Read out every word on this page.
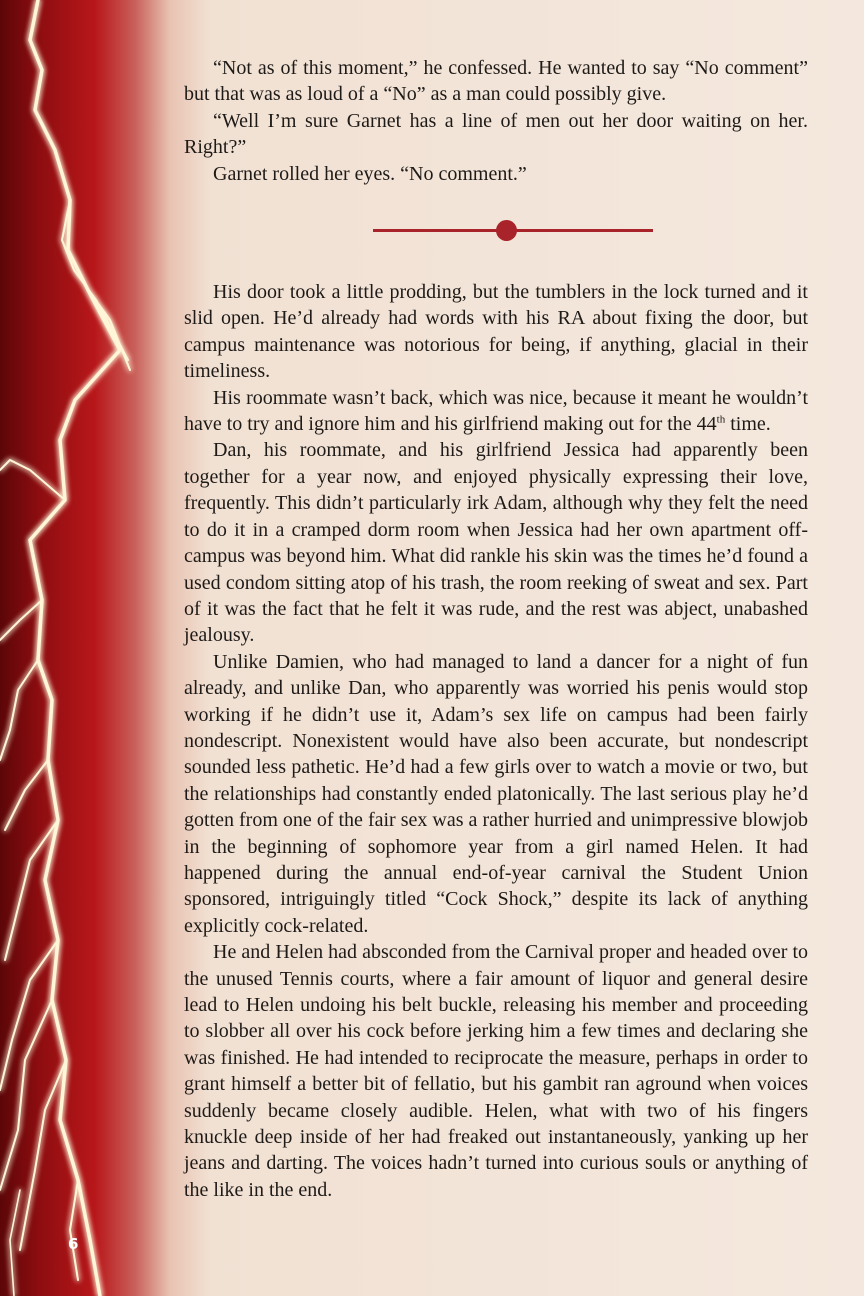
“Not as of this moment,” he confessed. He wanted to say “No comment” but that was as loud of a “No” as a man could possibly give.

“Well I’m sure Garnet has a line of men out her door waiting on her. Right?”

Garnet rolled her eyes. “No comment.”

His door took a little prodding, but the tumblers in the lock turned and it slid open. He’d already had words with his RA about fixing the door, but campus maintenance was notorious for being, if anything, glacial in their timeliness.

His roommate wasn’t back, which was nice, because it meant he wouldn’t have to try and ignore him and his girlfriend making out for the 44th time.

Dan, his roommate, and his girlfriend Jessica had apparently been together for a year now, and enjoyed physically expressing their love, frequently. This didn’t particularly irk Adam, although why they felt the need to do it in a cramped dorm room when Jessica had her own apartment off-campus was beyond him. What did rankle his skin was the times he’d found a used condom sitting atop of his trash, the room reeking of sweat and sex. Part of it was the fact that he felt it was rude, and the rest was abject, unabashed jealousy.

Unlike Damien, who had managed to land a dancer for a night of fun already, and unlike Dan, who apparently was worried his penis would stop working if he didn’t use it, Adam’s sex life on campus had been fairly nondescript. Nonexistent would have also been accurate, but nondescript sounded less pathetic. He’d had a few girls over to watch a movie or two, but the relationships had constantly ended platonically. The last serious play he’d gotten from one of the fair sex was a rather hurried and unimpressive blowjob in the beginning of sophomore year from a girl named Helen. It had happened during the annual end-of-year carnival the Student Union sponsored, intriguingly titled “Cock Shock,” despite its lack of anything explicitly cock-related.

He and Helen had absconded from the Carnival proper and headed over to the unused Tennis courts, where a fair amount of liquor and general desire lead to Helen undoing his belt buckle, releasing his member and proceeding to slobber all over his cock before jerking him a few times and declaring she was finished. He had intended to reciprocate the measure, perhaps in order to grant himself a better bit of fellatio, but his gambit ran aground when voices suddenly became closely audible. Helen, what with two of his fingers knuckle deep inside of her had freaked out instantaneously, yanking up her jeans and darting. The voices hadn’t turned into curious souls or anything of the like in the end.

6
